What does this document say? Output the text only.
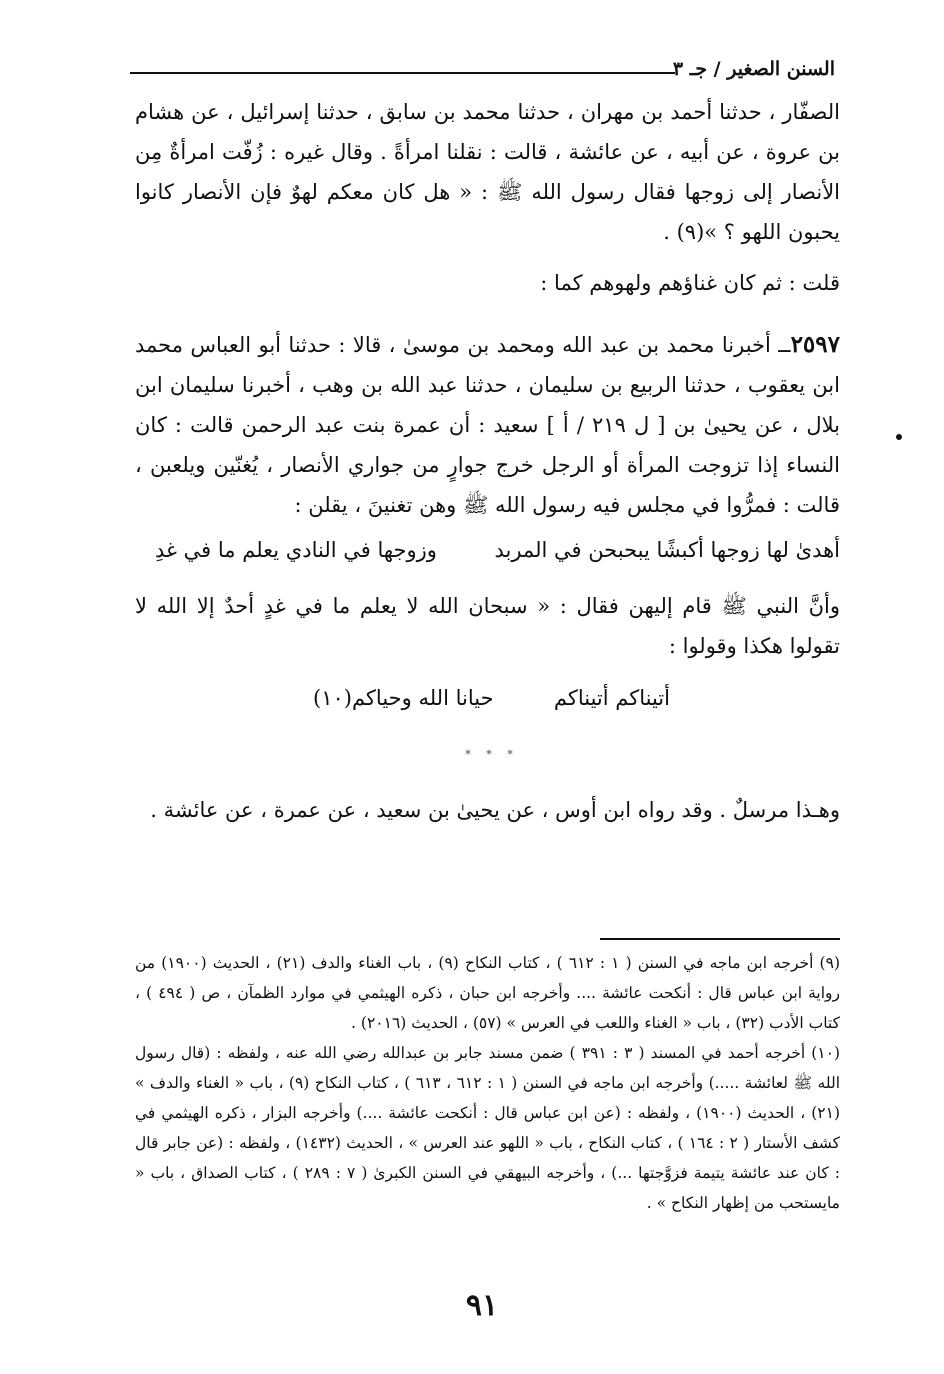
السنن الصغير / جـ ٣
الصفّار ، حدثنا أحمد بن مهران ، حدثنا محمد بن سابق ، حدثنا إسرائيل ، عن هشام بن عروة ، عن أبيه ، عن عائشة ، قالت : نقلنا امرأةً . وقال غيره : زُفّت امرأةٌ مِن الأنصار إلى زوجها فقال رسول الله ﷺ : « هل كان معكم لهوٌ فإن الأنصار كانوا يحبون اللهو ؟ »(٩) .
قلت : ثم كان غناؤهم ولهوهم كما :
٢٥٩٧ــ أخبرنا محمد بن عبد الله ومحمد بن موسىٰ ، قالا : حدثنا أبو العباس محمد ابن يعقوب ، حدثنا الربيع بن سليمان ، حدثنا عبد الله بن وهب ، أخبرنا سليمان ابن بلال ، عن يحيىٰ بن [ ل ٢١٩ / أ ] سعيد : أن عمرة بنت عبد الرحمن قالت : كان النساء إذا تزوجت المرأة أو الرجل خرج جوارٍ من جواري الأنصار ، يُغنّين ويلعبن ، قالت : فمرُّوا في مجلس فيه رسول الله ﷺ وهن تغنينَ ، يقلن :
أهدىٰ لها زوجها أكبشًا يبحبحن في المربد
وزوجها في النادي يعلم ما في غدِ
وأنَّ النبي ﷺ قام إليهن فقال : « سبحان الله لا يعلم ما في غدٍ أحدٌ إلا الله لا تقولوا هكذا وقولوا :
أتيناكم أتيناكم
حيانا الله وحياكم(١٠)
* * *
وهـذا مرسلٌ . وقد رواه ابن أوس ، عن يحيىٰ بن سعيد ، عن عمرة ، عن عائشة .

(٩) أخرجه ابن ماجه في السنن ( ١ : ٦١٢ ) ، كتاب النكاح (٩) ، باب الغناء والدف (٢١) ، الحديث (١٩٠٠) من رواية ابن عباس قال : أنكحت عائشة .... وأخرجه ابن حبان ، ذكره الهيثمي في موارد الظمآن ، ص ( ٤٩٤ ) ، كتاب الأدب (٣٢) ، باب « الغناء واللعب في العرس » (٥٧) ، الحديث (٢٠١٦) .

(١٠) أخرجه أحمد في المسند ( ٣ : ٣٩١ ) ضمن مسند جابر بن عبدالله رضي الله عنه ، ولفظه : (قال رسول الله ﷺ لعائشة .....) وأخرجه ابن ماجه في السنن ( ١ : ٦١٢ ، ٦١٣ ) ، كتاب النكاح (٩) ، باب « الغناء والدف » (٢١) ، الحديث (١٩٠٠) ، ولفظه : (عن ابن عباس قال : أنكحت عائشة ....) وأخرجه البزار ، ذكره الهيثمي في كشف الأستار ( ٢ : ١٦٤ ) ، كتاب النكاح ، باب « اللهو عند العرس » ، الحديث (١٤٣٢) ، ولفظه : (عن جابر قال : كان عند عائشة يتيمة فزوَّجتها ...) ، وأخرجه البيهقي في السنن الكبرىٰ ( ٧ : ٢٨٩ ) ، كتاب الصداق ، باب « مايستحب من إظهار النكاح » .

٩١
